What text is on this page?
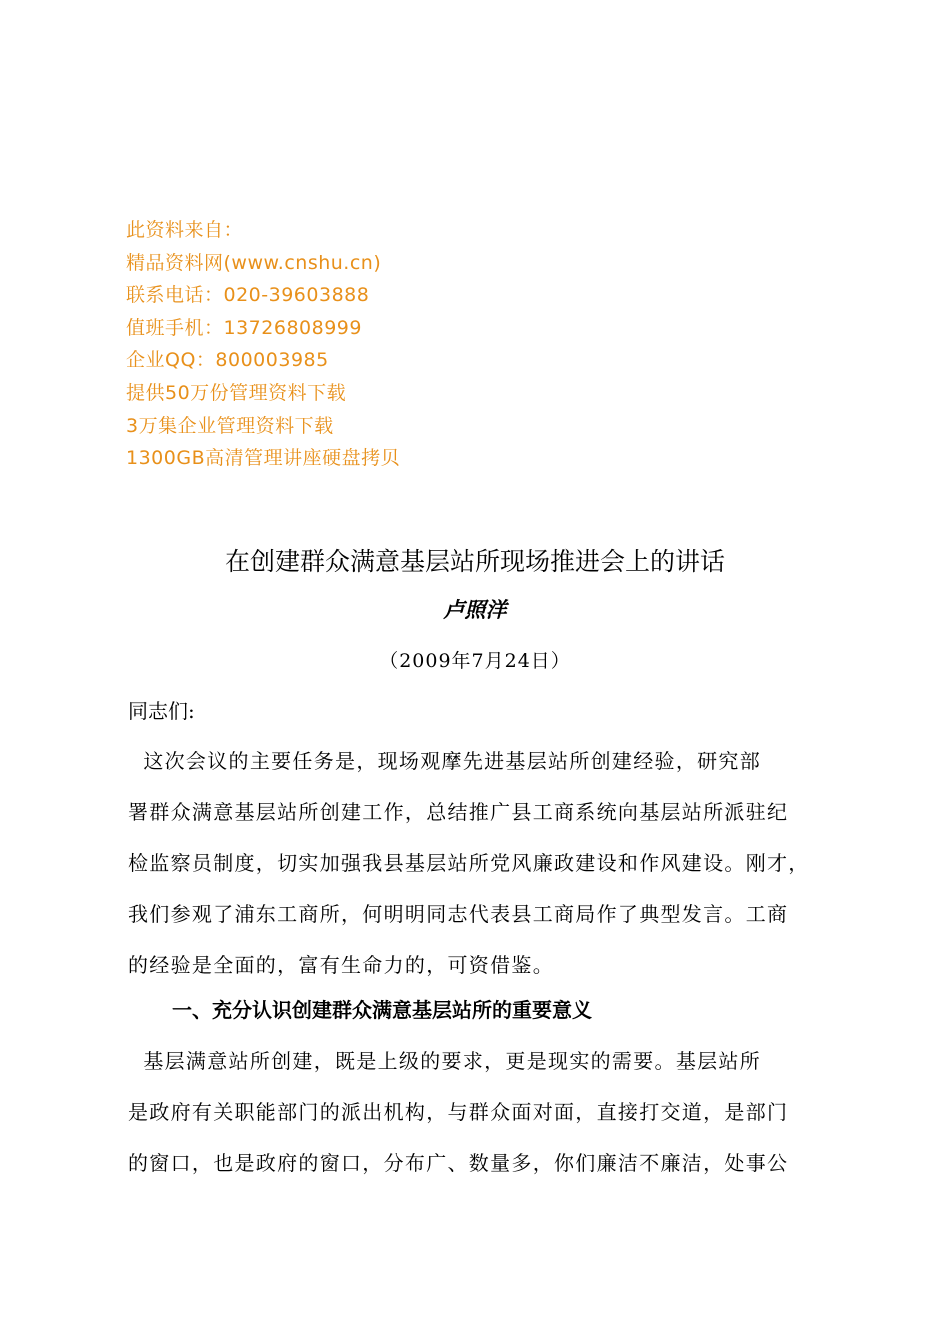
此资料来自：
精品资料网(www.cnshu.cn)
联系电话：020-39603888
值班手机：13726808999
企业QQ：800003985
提供50万份管理资料下载
3万集企业管理资料下载
1300GB高清管理讲座硬盘拷贝
在创建群众满意基层站所现场推进会上的讲话
卢照洋
（2009年7月24日）
同志们:
这次会议的主要任务是，现场观摩先进基层站所创建经验，研究部
署群众满意基层站所创建工作，总结推广县工商系统向基层站所派驻纪
检监察员制度，切实加强我县基层站所党风廉政建设和作风建设。刚才，
我们参观了浦东工商所，何明明同志代表县工商局作了典型发言。工商
的经验是全面的，富有生命力的，可资借鉴。
一、充分认识创建群众满意基层站所的重要意义
基层满意站所创建，既是上级的要求，更是现实的需要。基层站所
是政府有关职能部门的派出机构，与群众面对面，直接打交道，是部门
的窗口，也是政府的窗口，分布广、数量多，你们廉洁不廉洁，处事公
